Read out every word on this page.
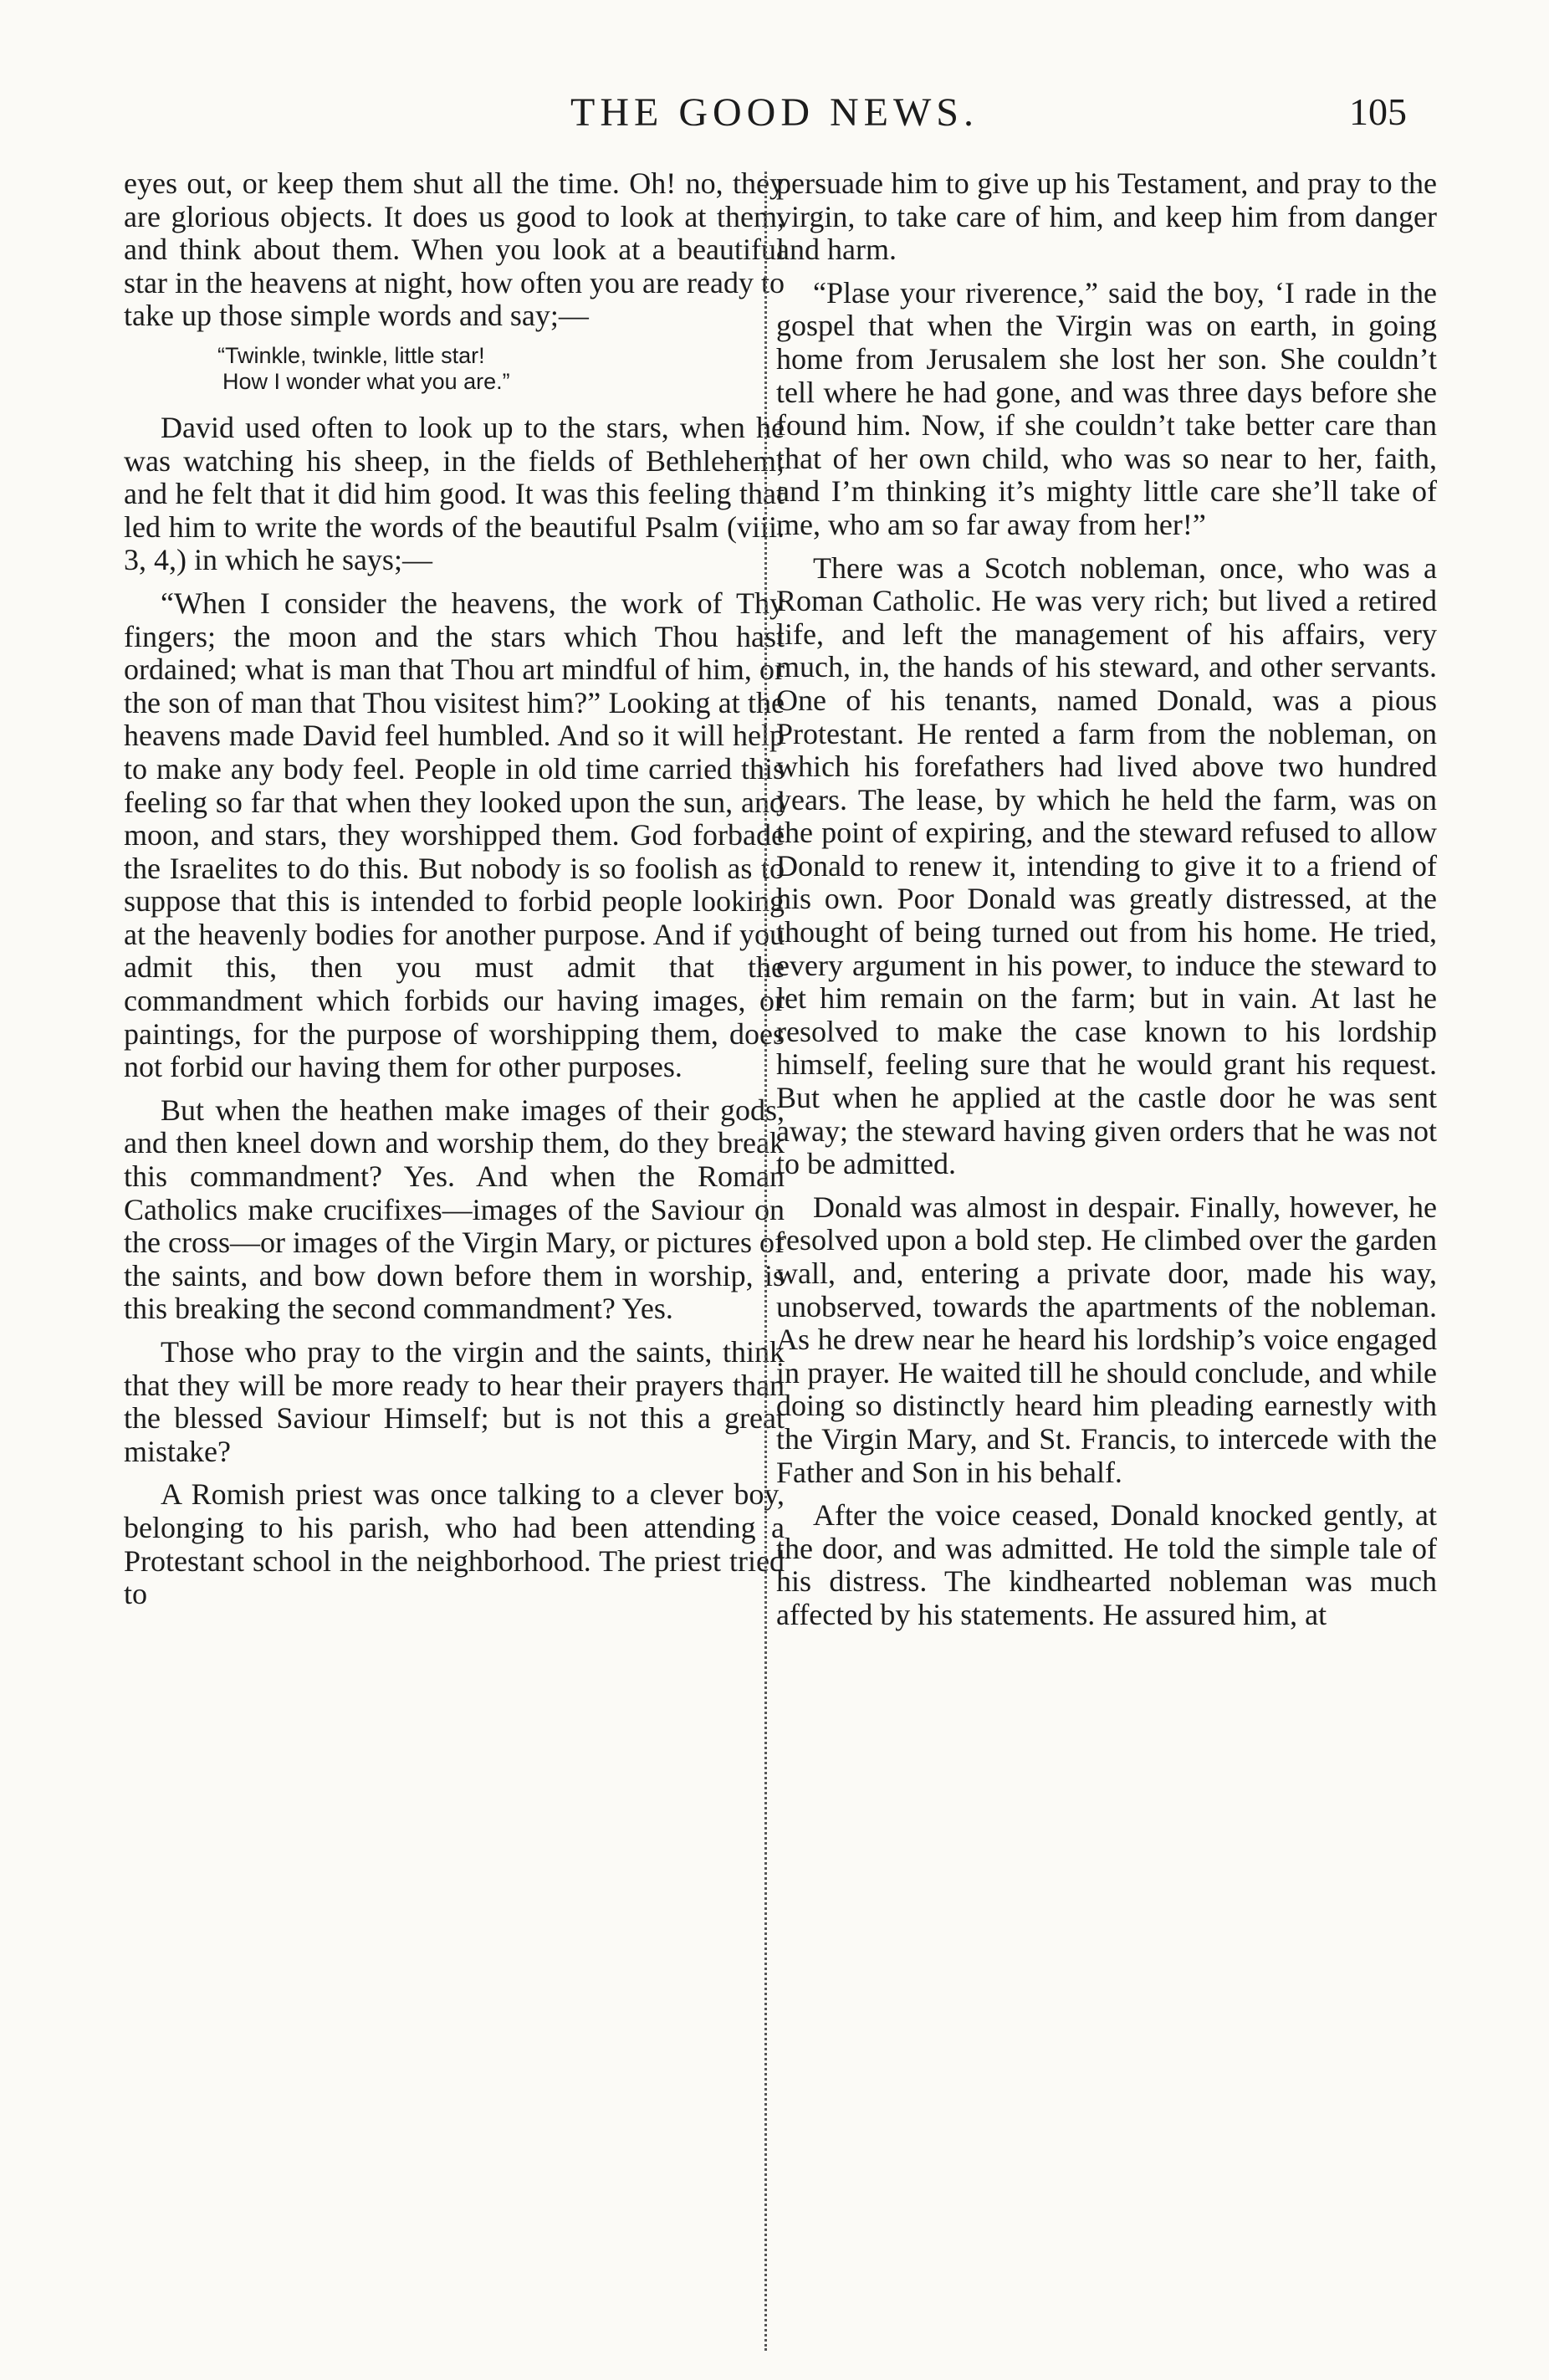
THE GOOD NEWS.	105

eyes out, or keep them shut all the time. Oh! no, they are glorious objects. It does us good to look at them, and think about them. When you look at a beautiful star in the heavens at night, how often you are ready to take up those simple words and say;—

“Twinkle, twinkle, little star!
How I wonder what you are.”

David used often to look up to the stars, when he was watching his sheep, in the fields of Bethlehem; and he felt that it did him good. It was this feeling that led him to write the words of the beautiful Psalm (viii. 3, 4,) in which he says;—

“When I consider the heavens, the work of Thy fingers; the moon and the stars which Thou hast ordained; what is man that Thou art mindful of him, or the son of man that Thou visitest him?” Looking at the heavens made David feel humbled. And so it will help to make any body feel. People in old time carried this feeling so far that when they looked upon the sun, and moon, and stars, they worshipped them. God forbade the Israelites to do this. But nobody is so foolish as to suppose that this is intended to forbid people looking at the heavenly bodies for another purpose. And if you admit this, then you must admit that the commandment which forbids our having images, or paintings, for the purpose of worshipping them, does not forbid our having them for other purposes.

But when the heathen make images of their gods, and then kneel down and worship them, do they break this commandment? Yes. And when the Roman Catholics make crucifixes—images of the Saviour on the cross—or images of the Virgin Mary, or pictures of the saints, and bow down before them in worship, is this breaking the second commandment? Yes.

Those who pray to the virgin and the saints, think that they will be more ready to hear their prayers than the blessed Saviour Himself; but is not this a great mistake?

A Romish priest was once talking to a clever boy, belonging to his parish, who had been attending a Protestant school in the neighborhood. The priest tried to

persuade him to give up his Testament, and pray to the virgin, to take care of him, and keep him from danger and harm.

“Plase your riverence,” said the boy, ‘I rade in the gospel that when the Virgin was on earth, in going home from Jerusalem she lost her son. She couldn’t tell where he had gone, and was three days before she found him. Now, if she couldn’t take better care than that of her own child, who was so near to her, faith, and I’m thinking it’s mighty little care she’ll take of me, who am so far away from her!”

There was a Scotch nobleman, once, who was a Roman Catholic. He was very rich; but lived a retired life, and left the management of his affairs, very much, in, the hands of his steward, and other servants. One of his tenants, named Donald, was a pious Protestant. He rented a farm from the nobleman, on which his forefathers had lived above two hundred years. The lease, by which he held the farm, was on the point of expiring, and the steward refused to allow Donald to renew it, intending to give it to a friend of his own. Poor Donald was greatly distressed, at the thought of being turned out from his home. He tried, every argument in his power, to induce the steward to let him remain on the farm; but in vain. At last he resolved to make the case known to his lordship himself, feeling sure that he would grant his request. But when he applied at the castle door he was sent away; the steward having given orders that he was not to be admitted.

Donald was almost in despair. Finally, however, he resolved upon a bold step. He climbed over the garden wall, and, entering a private door, made his way, unobserved, towards the apartments of the nobleman. As he drew near he heard his lordship’s voice engaged in prayer. He waited till he should conclude, and while doing so distinctly heard him pleading earnestly with the Virgin Mary, and St. Francis, to intercede with the Father and Son in his behalf.

After the voice ceased, Donald knocked gently, at the door, and was admitted. He told the simple tale of his distress. The kindhearted nobleman was much affected by his statements. He assured him, at
